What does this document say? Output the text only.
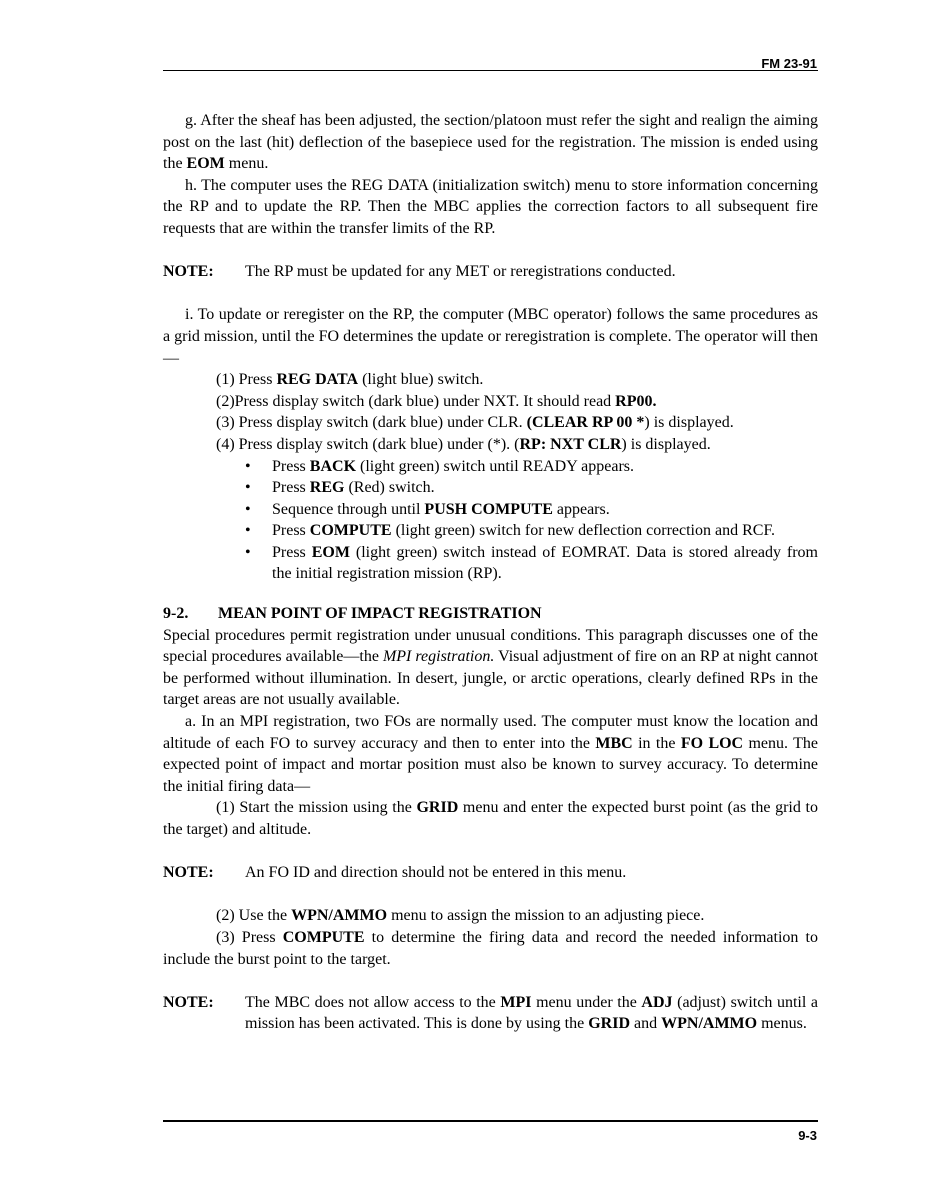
FM 23-91

g. After the sheaf has been adjusted, the section/platoon must refer the sight and realign the aiming post on the last (hit) deflection of the basepiece used for the registration. The mission is ended using the EOM menu.

h. The computer uses the REG DATA (initialization switch) menu to store information concerning the RP and to update the RP. Then the MBC applies the correction factors to all subsequent fire requests that are within the transfer limits of the RP.

NOTE:	The RP must be updated for any MET or reregistrations conducted.

i. To update or reregister on the RP, the computer (MBC operator) follows the same procedures as a grid mission, until the FO determines the update or reregistration is complete. The operator will then—

(1) Press REG DATA (light blue) switch.

(2)Press display switch (dark blue) under NXT. It should read RP00.

(3) Press display switch (dark blue) under CLR. (CLEAR RP 00 *) is displayed.

(4) Press display switch (dark blue) under (*). (RP: NXT CLR) is displayed.

• Press BACK (light green) switch until READY appears.
• Press REG (Red) switch.
• Sequence through until PUSH COMPUTE appears.
• Press COMPUTE (light green) switch for new deflection correction and RCF.
• Press EOM (light green) switch instead of EOMRAT. Data is stored already from the initial registration mission (RP).

9-2. MEAN POINT OF IMPACT REGISTRATION

Special procedures permit registration under unusual conditions. This paragraph discusses one of the special procedures available—the MPI registration. Visual adjustment of fire on an RP at night cannot be performed without illumination. In desert, jungle, or arctic operations, clearly defined RPs in the target areas are not usually available.

a. In an MPI registration, two FOs are normally used. The computer must know the location and altitude of each FO to survey accuracy and then to enter into the MBC in the FO LOC menu. The expected point of impact and mortar position must also be known to survey accuracy. To determine the initial firing data—

(1) Start the mission using the GRID menu and enter the expected burst point (as the grid to the target) and altitude.

NOTE:	An FO ID and direction should not be entered in this menu.

(2) Use the WPN/AMMO menu to assign the mission to an adjusting piece.

(3) Press COMPUTE to determine the firing data and record the needed information to include the burst point to the target.

NOTE:	The MBC does not allow access to the MPI menu under the ADJ (adjust) switch until a mission has been activated. This is done by using the GRID and WPN/AMMO menus.
9-3
